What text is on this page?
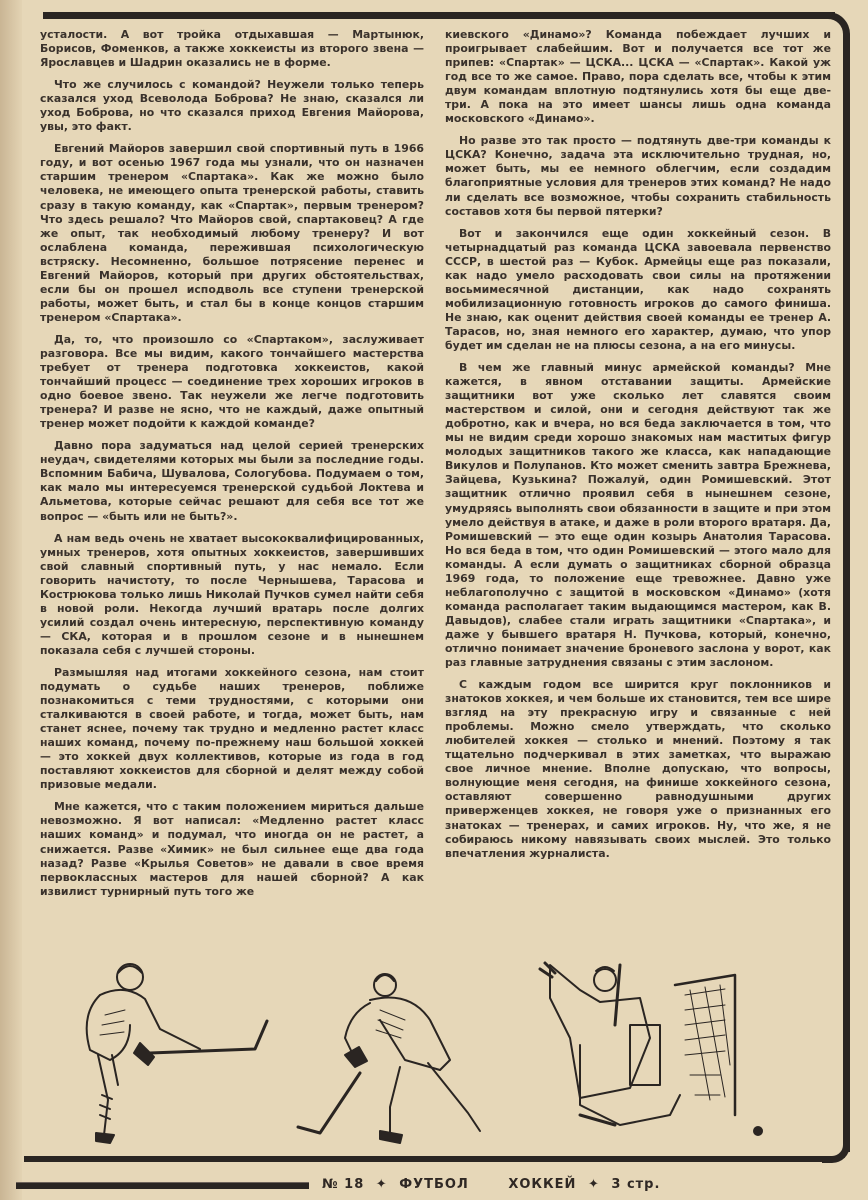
усталости. А вот тройка отдыхавшая — Мартынюк, Борисов, Фоменков, а также хоккеисты из второго звена — Ярославцев и Шадрин оказались не в форме.

Что же случилось с командой? Неужели только теперь сказался уход Всеволода Боброва? Не знаю, сказался ли уход Боброва, но что сказался приход Евгения Майорова, увы, это факт.

Евгений Майоров завершил свой спортивный путь в 1966 году, и вот осенью 1967 года мы узнали, что он назначен старшим тренером «Спартака». Как же можно было человека, не имеющего опыта тренерской работы, ставить сразу в такую команду, как «Спартак», первым тренером? Что здесь решало? Что Майоров свой, спартаковец? А где же опыт, так необходимый любому тренеру? И вот ослаблена команда, пережившая психологическую встряску. Несомненно, большое потрясение перенес и Евгений Майоров, который при других обстоятельствах, если бы он прошел исподволь все ступени тренерской работы, может быть, и стал бы в конце концов старшим тренером «Спартака».

Да, то, что произошло со «Спартаком», заслуживает разговора. Все мы видим, какого тончайшего мастерства требует от тренера подготовка хоккеистов, какой тончайший процесс — соединение трех хороших игроков в одно боевое звено. Так неужели же легче подготовить тренера? И разве не ясно, что не каждый, даже опытный тренер может подойти к каждой команде?

Давно пора задуматься над целой серией тренерских неудач, свидетелями которых мы были за последние годы. Вспомним Бабича, Шувалова, Сологубова. Подумаем о том, как мало мы интересуемся тренерской судьбой Локтева и Альметова, которые сейчас решают для себя все тот же вопрос — «быть или не быть?».

А нам ведь очень не хватает высококвалифицированных, умных тренеров, хотя опытных хоккеистов, завершивших свой славный спортивный путь, у нас немало. Если говорить начистоту, то после Чернышева, Тарасова и Кострюкова только лишь Николай Пучков сумел найти себя в новой роли. Некогда лучший вратарь после долгих усилий создал очень интересную, перспективную команду — СКА, которая и в прошлом сезоне и в нынешнем показала себя с лучшей стороны.

Размышляя над итогами хоккейного сезона, нам стоит подумать о судьбе наших тренеров, поближе познакомиться с теми трудностями, с которыми они сталкиваются в своей работе, и тогда, может быть, нам станет яснее, почему так трудно и медленно растет класс наших команд, почему по-прежнему наш большой хоккей — это хоккей двух коллективов, которые из года в год поставляют хоккеистов для сборной и делят между собой призовые медали.

Мне кажется, что с таким положением мириться дальше невозможно. Я вот написал: «Медленно растет класс наших команд» и подумал, что иногда он не растет, а снижается. Разве «Химик» не был сильнее еще два года назад? Разве «Крылья Советов» не давали в свое время первоклассных мастеров для нашей сборной? А как извилист турнирный путь того же

киевского «Динамо»? Команда побеждает лучших и проигрывает слабейшим. Вот и получается все тот же припев: «Спартак» — ЦСКА... ЦСКА — «Спартак». Какой уж год все то же самое. Право, пора сделать все, чтобы к этим двум командам вплотную подтянулись хотя бы еще две-три. А пока на это имеет шансы лишь одна команда московского «Динамо».

Но разве это так просто — подтянуть две-три команды к ЦСКА? Конечно, задача эта исключительно трудная, но, может быть, мы ее немного облегчим, если создадим благоприятные условия для тренеров этих команд? Не надо ли сделать все возможное, чтобы сохранить стабильность составов хотя бы первой пятерки?

Вот и закончился еще один хоккейный сезон. В четырнадцатый раз команда ЦСКА завоевала первенство СССР, в шестой раз — Кубок. Армейцы еще раз показали, как надо умело расходовать свои силы на протяжении восьмимесячной дистанции, как надо сохранять мобилизационную готовность игроков до самого финиша. Не знаю, как оценит действия своей команды ее тренер А. Тарасов, но, зная немного его характер, думаю, что упор будет им сделан не на плюсы сезона, а на его минусы.

В чем же главный минус армейской команды? Мне кажется, в явном отставании защиты. Армейские защитники вот уже сколько лет славятся своим мастерством и силой, они и сегодня действуют так же добротно, как и вчера, но вся беда заключается в том, что мы не видим среди хорошо знакомых нам маститых фигур молодых защитников такого же класса, как нападающие Викулов и Полупанов. Кто может сменить завтра Брежнева, Зайцева, Кузькина? Пожалуй, один Ромишевский. Этот защитник отлично проявил себя в нынешнем сезоне, умудряясь выполнять свои обязанности в защите и при этом умело действуя в атаке, и даже в роли второго вратаря. Да, Ромишевский — это еще один козырь Анатолия Тарасова. Но вся беда в том, что один Ромишевский — этого мало для команды. А если думать о защитниках сборной образца 1969 года, то положение еще тревожнее. Давно уже неблагополучно с защитой в московском «Динамо» (хотя команда располагает таким выдающимся мастером, как В. Давыдов), слабее стали играть защитники «Спартака», и даже у бывшего вратаря Н. Пучкова, который, конечно, отлично понимает значение броневого заслона у ворот, как раз главные затруднения связаны с этим заслоном.

С каждым годом все ширится круг поклонников и знатоков хоккея, и чем больше их становится, тем все шире взгляд на эту прекрасную игру и связанные с ней проблемы. Можно смело утверждать, что сколько любителей хоккея — столько и мнений. Поэтому я так тщательно подчеркивал в этих заметках, что выражаю свое личное мнение. Вполне допускаю, что вопросы, волнующие меня сегодня, на финише хоккейного сезона, оставляют совершенно равнодушными других приверженцев хоккея, не говоря уже о признанных его знатоках — тренерах, и самих игроков. Ну, что же, я не собираюсь никому навязывать своих мыслей. Это только впечатления журналиста.

№ 18 ✦ ФУТБОЛ	ХОККЕЙ ✦ 3 стр.
